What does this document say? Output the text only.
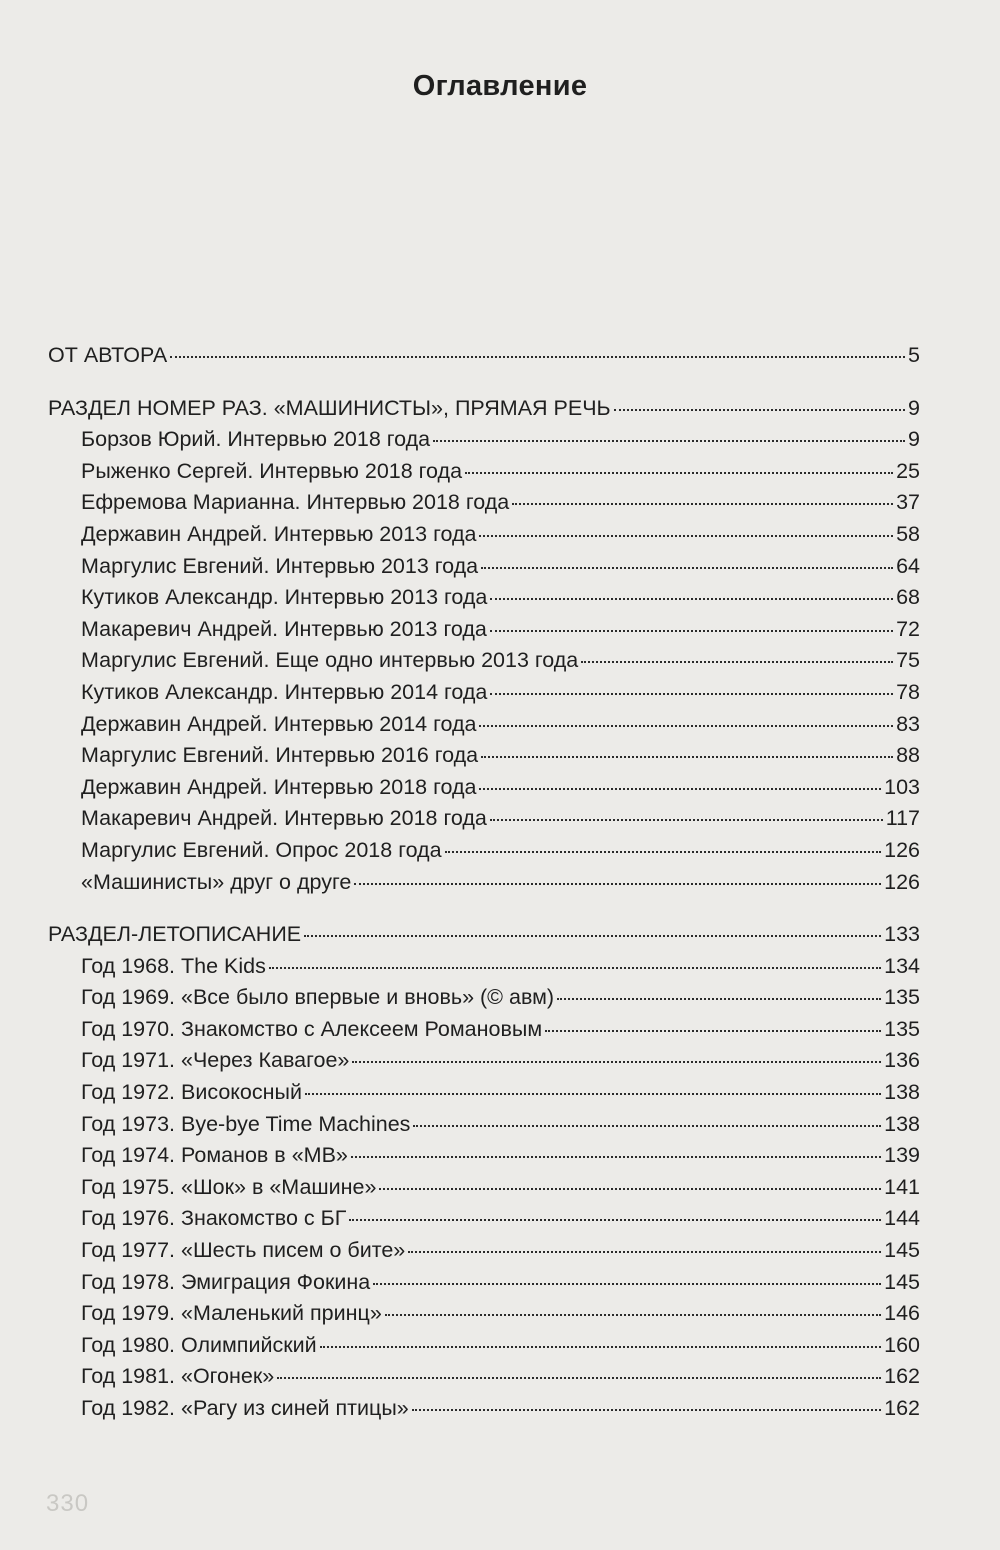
Оглавление
ОТ АВТОРА	5
РАЗДЕЛ НОМЕР РАЗ. «МАШИНИСТЫ», ПРЯМАЯ РЕЧЬ	9
Борзов Юрий. Интервью 2018 года	9
Рыженко Сергей. Интервью 2018 года	25
Ефремова Марианна. Интервью 2018 года	37
Державин Андрей. Интервью 2013 года	58
Маргулис Евгений. Интервью 2013 года	64
Кутиков Александр. Интервью 2013 года	68
Макаревич Андрей. Интервью 2013 года	72
Маргулис Евгений. Еще одно интервью 2013 года	75
Кутиков Александр. Интервью 2014 года	78
Державин Андрей. Интервью 2014 года	83
Маргулис Евгений. Интервью 2016 года	88
Державин Андрей. Интервью 2018 года	103
Макаревич Андрей. Интервью 2018 года	117
Маргулис Евгений. Опрос 2018 года	126
«Машинисты» друг о друге	126
РАЗДЕЛ-ЛЕТОПИСАНИЕ	133
Год 1968. The Kids	134
Год 1969. «Все было впервые и вновь» (© авм)	135
Год 1970. Знакомство с Алексеем Романовым	135
Год 1971. «Через Кавагое»	136
Год 1972. Високосный	138
Год 1973. Bye-bye Time Machines	138
Год 1974. Романов в «МВ»	139
Год 1975. «Шок» в «Машине»	141
Год 1976. Знакомство с БГ	144
Год 1977. «Шесть писем о бите»	145
Год 1978. Эмиграция Фокина	145
Год 1979. «Маленький принц»	146
Год 1980. Олимпийский	160
Год 1981. «Огонек»	162
Год 1982. «Рагу из синей птицы»	162
330
